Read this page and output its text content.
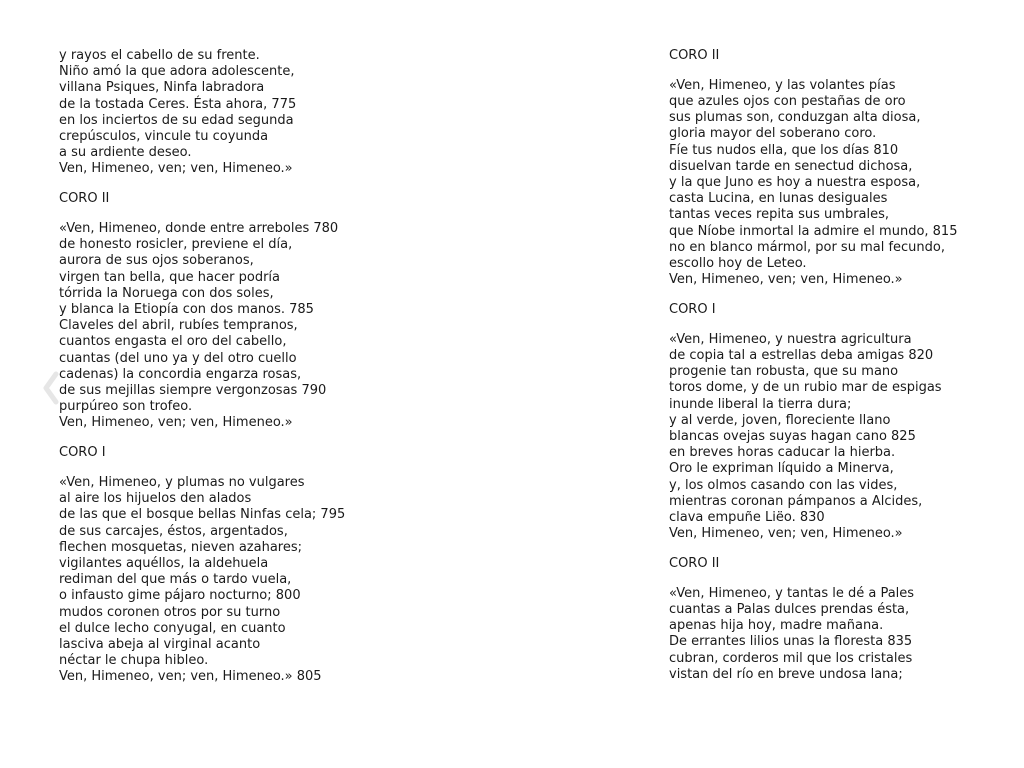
y rayos el cabello de su frente.
Niño amó la que adora adolescente,
villana Psiques, Ninfa labradora
de la tostada Ceres. Ésta ahora, 775
en los inciertos de su edad segunda
crepúsculos, vincule tu coyunda
a su ardiente deseo.
Ven, Himeneo, ven; ven, Himeneo.»
CORO II
«Ven, Himeneo, donde entre arreboles 780
de honesto rosicler, previene el día,
aurora de sus ojos soberanos,
virgen tan bella, que hacer podría
tórrida la Noruega con dos soles,
y blanca la Etiopía con dos manos. 785
Claveles del abril, rubíes tempranos,
cuantos engasta el oro del cabello,
cuantas (del uno ya y del otro cuello
cadenas) la concordia engarza rosas,
de sus mejillas siempre vergonzosas 790
purpúreo son trofeo.
Ven, Himeneo, ven; ven, Himeneo.»
CORO I
«Ven, Himeneo, y plumas no vulgares
al aire los hijuelos den alados
de las que el bosque bellas Ninfas cela; 795
de sus carcajes, éstos, argentados,
flechen mosquetas, nieven azahares;
vigilantes aquéllos, la aldehuela
rediman del que más o tardo vuela,
o infausto gime pájaro nocturno; 800
mudos coronen otros por su turno
el dulce lecho conyugal, en cuanto
lasciva abeja al virginal acanto
néctar le chupa hibleo.
Ven, Himeneo, ven; ven, Himeneo.» 805
CORO II
«Ven, Himeneo, y las volantes pías
que azules ojos con pestañas de oro
sus plumas son, conduzgan alta diosa,
gloria mayor del soberano coro.
Fíe tus nudos ella, que los días 810
disuelvan tarde en senectud dichosa,
y la que Juno es hoy a nuestra esposa,
casta Lucina, en lunas desiguales
tantas veces repita sus umbrales,
que Níobe inmortal la admire el mundo, 815
no en blanco mármol, por su mal fecundo,
escollo hoy de Leteo.
Ven, Himeneo, ven; ven, Himeneo.»
CORO I
«Ven, Himeneo, y nuestra agricultura
de copia tal a estrellas deba amigas 820
progenie tan robusta, que su mano
toros dome, y de un rubio mar de espigas
inunde liberal la tierra dura;
y al verde, joven, floreciente llano
blancas ovejas suyas hagan cano 825
en breves horas caducar la hierba.
Oro le expriman líquido a Minerva,
y, los olmos casando con las vides,
mientras coronan pámpanos a Alcides,
clava empuñe Liëo. 830
Ven, Himeneo, ven; ven, Himeneo.»
CORO II
«Ven, Himeneo, y tantas le dé a Pales
cuantas a Palas dulces prendas ésta,
apenas hija hoy, madre mañana.
De errantes lilios unas la floresta 835
cubran, corderos mil que los cristales
vistan del río en breve undosa lana;
